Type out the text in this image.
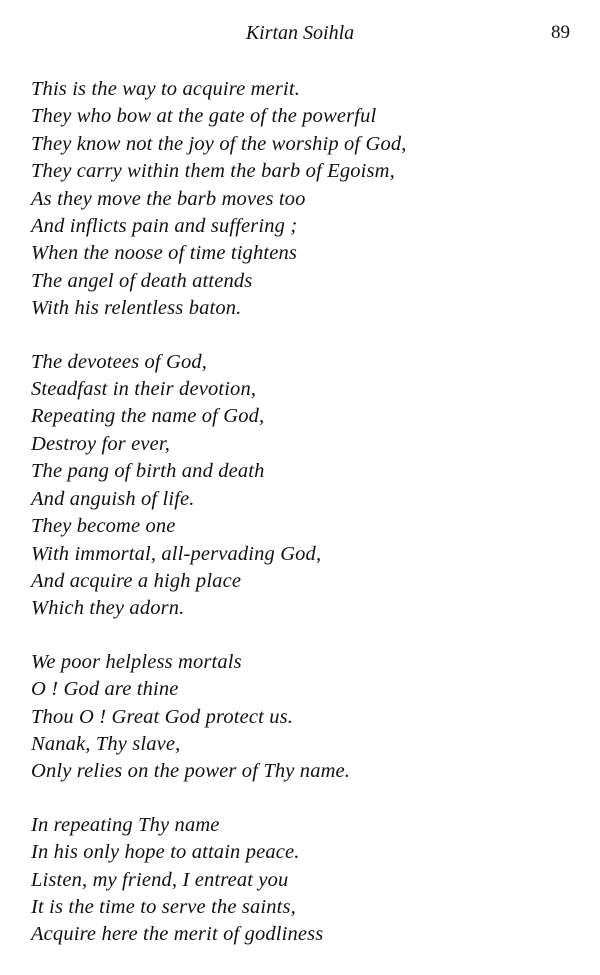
Kirtan Soihla	89
This is the way to acquire merit.
They who bow at the gate of the powerful
They know not the joy of the worship of God,
They carry within them the barb of Egoism,
As they move the barb moves too
And inflicts pain and suffering ;
When the noose of time tightens
The angel of death attends
With his relentless baton.
The devotees of God,
Steadfast in their devotion,
Repeating the name of God,
Destroy for ever,
The pang of birth and death
And anguish of life.
They become one
With immortal, all-pervading God,
And acquire a high place
Which they adorn.
We poor helpless mortals
O ! God are thine
Thou O ! Great God protect us.
Nanak, Thy slave,
Only relies on the power of Thy name.
In repeating Thy name
In his only hope to attain peace.
Listen, my friend, I entreat you
It is the time to serve the saints,
Acquire here the merit of godliness
